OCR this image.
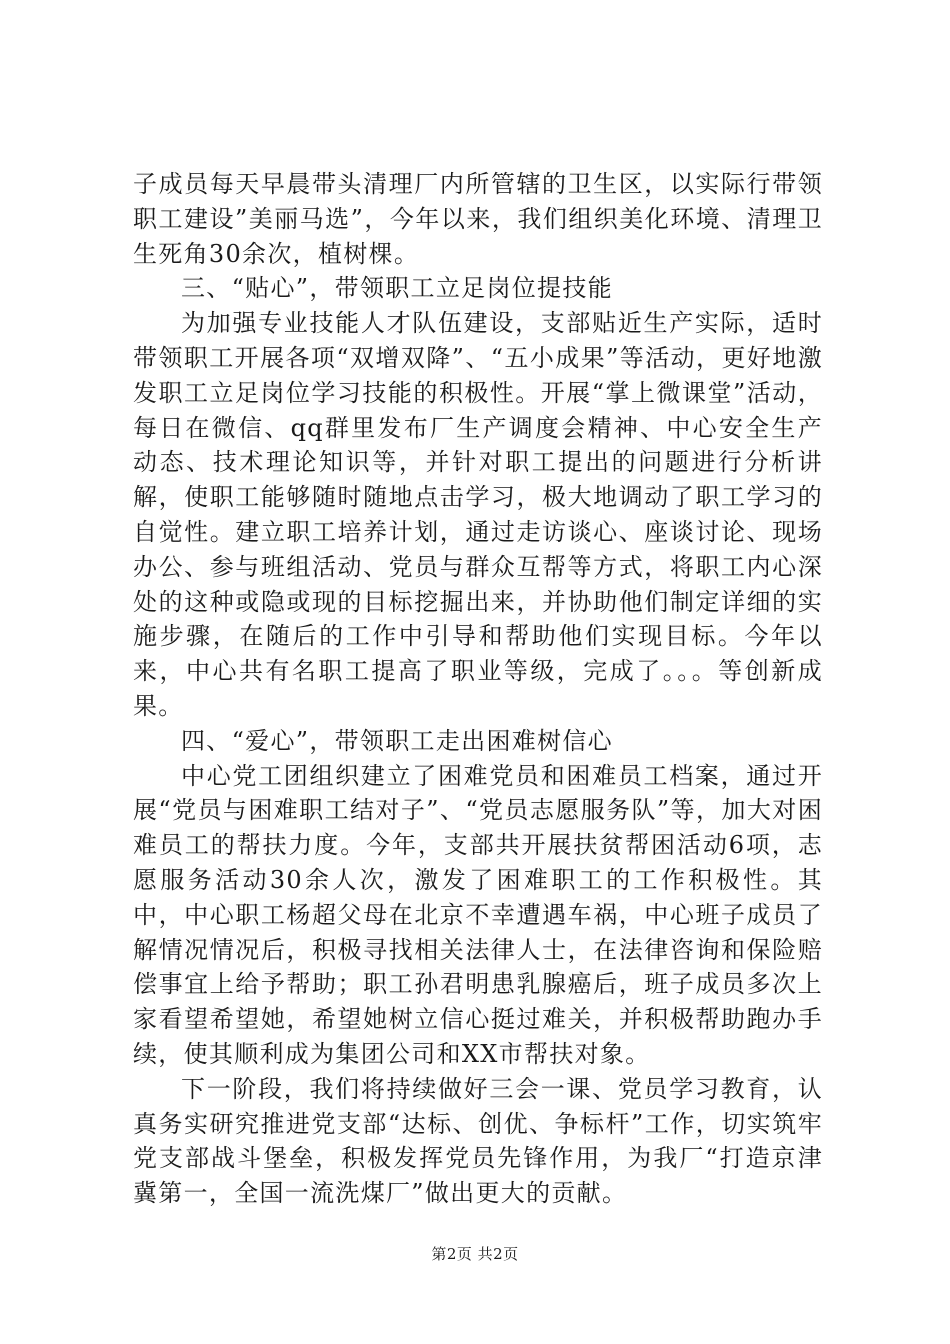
子成员每天早晨带头清理厂内所管辖的卫生区，以实际行带领职工建设”美丽马选”，今年以来，我们组织美化环境、清理卫生死角30余次，植树棵。

三、“贴心”，带领职工立足岗位提技能

为加强专业技能人才队伍建设，支部贴近生产实际，适时带领职工开展各项“双增双降”、“五小成果”等活动，更好地激发职工立足岗位学习技能的积极性。开展“掌上微课堂”活动，每日在微信、qq群里发布厂生产调度会精神、中心安全生产动态、技术理论知识等，并针对职工提出的问题进行分析讲解，使职工能够随时随地点击学习，极大地调动了职工学习的自觉性。建立职工培养计划，通过走访谈心、座谈讨论、现场办公、参与班组活动、党员与群众互帮等方式，将职工内心深处的这种或隐或现的目标挖掘出来，并协助他们制定详细的实施步骤，在随后的工作中引导和帮助他们实现目标。今年以来，中心共有名职工提高了职业等级，完成了。。。等创新成果。

四、“爱心”，带领职工走出困难树信心

中心党工团组织建立了困难党员和困难员工档案，通过开展“党员与困难职工结对子”、“党员志愿服务队”等，加大对困难员工的帮扶力度。今年，支部共开展扶贫帮困活动6项，志愿服务活动30余人次，激发了困难职工的工作积极性。其中，中心职工杨超父母在北京不幸遭遇车祸，中心班子成员了解情况情况后，积极寻找相关法律人士，在法律咨询和保险赔偿事宜上给予帮助；职工孙君明患乳腺癌后，班子成员多次上家看望希望她，希望她树立信心挺过难关，并积极帮助跑办手续，使其顺利成为集团公司和XX市帮扶对象。

下一阶段，我们将持续做好三会一课、党员学习教育，认真务实研究推进党支部“达标、创优、争标杆”工作，切实筑牢党支部战斗堡垒，积极发挥党员先锋作用，为我厂“打造京津冀第一，全国一流洗煤厂”做出更大的贡献。

第2页 共2页
